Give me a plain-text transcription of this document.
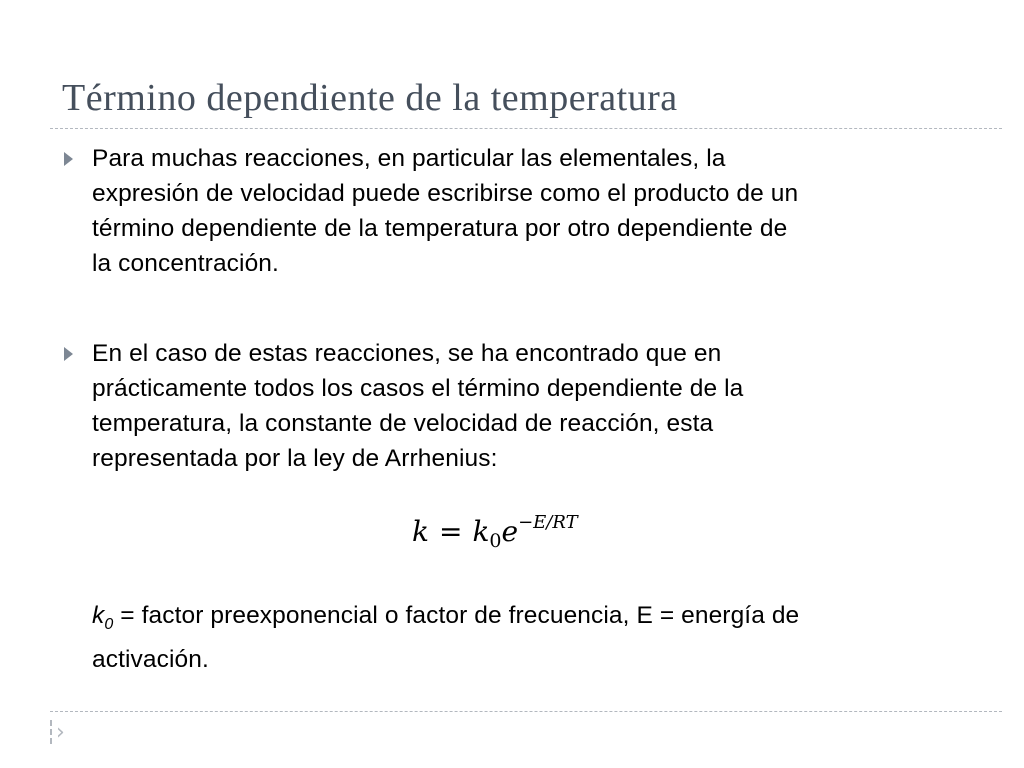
Término dependiente de la temperatura
Para muchas reacciones, en particular las elementales, la
expresión de velocidad puede escribirse como el producto de un
término dependiente de la temperatura por otro dependiente de
la concentración.
En el caso de estas reacciones, se ha encontrado que en
prácticamente todos los casos el término dependiente de la
temperatura, la constante de velocidad de reacción, esta
representada por la ley de Arrhenius:
$k = k_0e^{-E/RT}$
$k_0$ = factor preexponencial o factor de frecuencia, E = energía de
activación.
›
